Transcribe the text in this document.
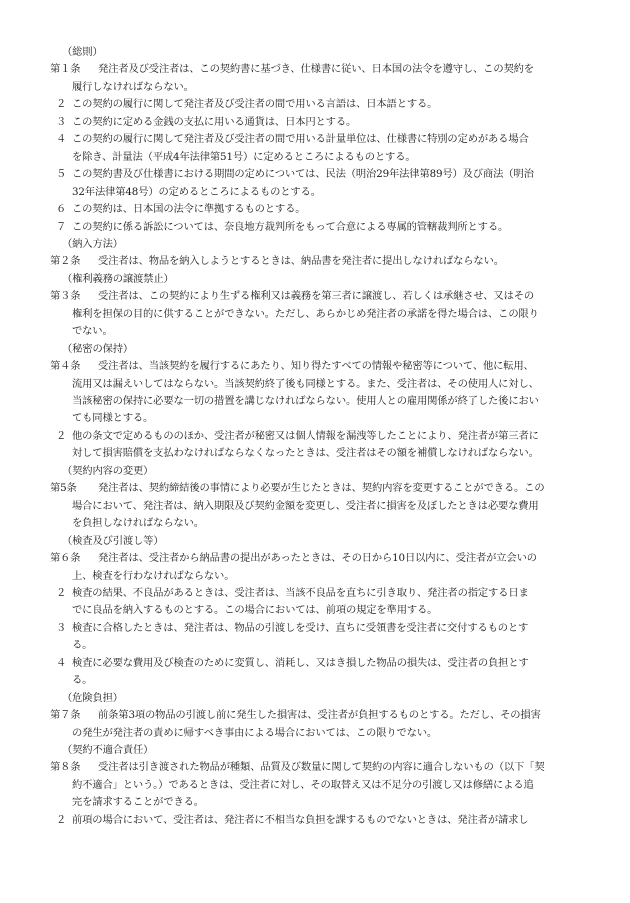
（総則）
第１条 発注者及び受注者は、この契約書に基づき、仕様書に従い、日本国の法令を遵守し、この契約を
履行しなければならない。
２ この契約の履行に関して発注者及び受注者の間で用いる言語は、日本語とする。
３ この契約に定める金銭の支払に用いる通貨は、日本円とする。
４ この契約の履行に関して発注者及び受注者の間で用いる計量単位は、仕様書に特別の定めがある場合
を除き、計量法（平成4年法律第51号）に定めるところによるものとする。
５ この契約書及び仕様書における期間の定めについては、民法（明治29年法律第89号）及び商法（明治
32年法律第48号）の定めるところによるものとする。
６ この契約は、日本国の法令に準拠するものとする。
７ この契約に係る訴訟については、奈良地方裁判所をもって合意による専属的管轄裁判所とする。
（納入方法）
第２条 受注者は、物品を納入しようとするときは、納品書を発注者に提出しなければならない。
（権利義務の譲渡禁止）
第３条 受注者は、この契約により生ずる権利又は義務を第三者に譲渡し、若しくは承継させ、又はその
権利を担保の目的に供することができない。ただし、あらかじめ発注者の承諾を得た場合は、この限り
でない。
（秘密の保持）
第４条 受注者は、当該契約を履行するにあたり、知り得たすべての情報や秘密等について、他に転用、
流用又は漏えいしてはならない。当該契約終了後も同様とする。また、受注者は、その使用人に対し、
当該秘密の保持に必要な一切の措置を講じなければならない。使用人との雇用関係が終了した後におい
ても同様とする。
２ 他の条文で定めるもののほか、受注者が秘密又は個人情報を漏洩等したことにより、発注者が第三者に
対して損害賠償を支払わなければならなくなったときは、受注者はその額を補償しなければならない。
（契約内容の変更）
第5条 発注者は、契約締結後の事情により必要が生じたときは、契約内容を変更することができる。この
場合において、発注者は、納入期限及び契約金額を変更し、受注者に損害を及ぼしたときは必要な費用
を負担しなければならない。
（検査及び引渡し等）
第６条 発注者は、受注者から納品書の提出があったときは、その日から10日以内に、受注者が立会いの
上、検査を行わなければならない。
２ 検査の結果、不良品があるときは、受注者は、当該不良品を直ちに引き取り、発注者の指定する日ま
でに良品を納入するものとする。この場合においては、前項の規定を準用する。
３ 検査に合格したときは、発注者は、物品の引渡しを受け、直ちに受領書を受注者に交付するものとす
る。
４ 検査に必要な費用及び検査のために変質し、消耗し、又はき損した物品の損失は、受注者の負担とす
る。
（危険負担）
第７条 前条第3項の物品の引渡し前に発生した損害は、受注者が負担するものとする。ただし、その損害
の発生が発注者の責めに帰すべき事由による場合においては、この限りでない。
（契約不適合責任）
第８条 受注者は引き渡された物品が種類、品質及び数量に関して契約の内容に適合しないもの（以下「契
約不適合」という。）であるときは、受注者に対し、その取替え又は不足分の引渡し又は修繕による追
完を請求することができる。
２ 前項の場合において、受注者は、発注者に不相当な負担を課するものでないときは、発注者が請求し
